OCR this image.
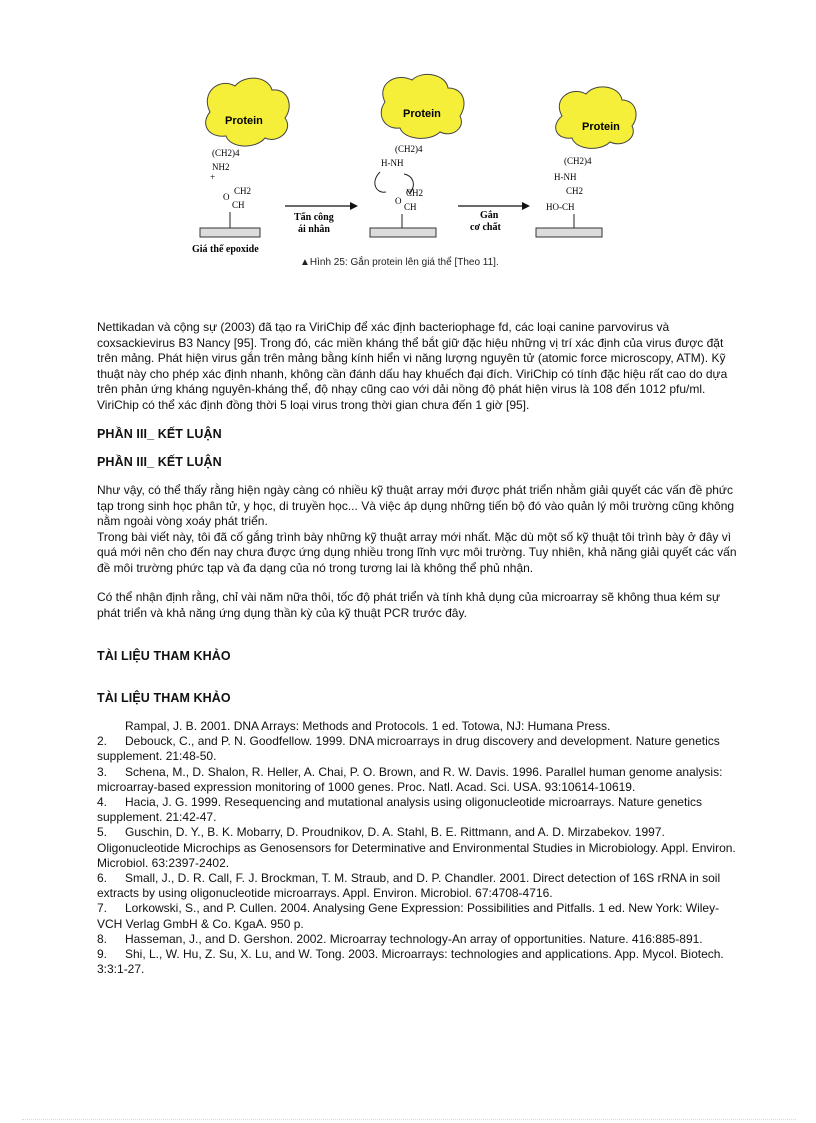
Protein
(CH2)4
NH2
+
O
CH2
CH
Giá thể epoxide
Tấn công
ái nhân
Protein
(CH2)4
H-NH
O
CH2
CH
Gắn
cơ chất
Protein
(CH2)4
H-NH
CH2
HO-CH
▲Hình 25: Gắn protein lên giá thể [Theo 11].

Nettikadan và cộng sự (2003) đã tạo ra ViriChip để xác định bacteriophage fd, các loại canine parvovirus và coxsackievirus B3 Nancy [95]. Trong đó, các miền kháng thể bắt giữ đặc hiệu những vị trí xác định của virus được đặt trên mảng. Phát hiện virus gắn trên mảng bằng kính hiển vi năng lượng nguyên tử (atomic force microscopy, ATM). Kỹ thuật này cho phép xác định nhanh, không cần đánh dấu hay khuếch đại đích. ViriChip có tính đặc hiệu rất cao do dựa trên phản ứng kháng nguyên-kháng thể, độ nhạy cũng cao với dải nồng độ phát hiện virus là 108 đến 1012 pfu/ml. ViriChip có thể xác định đồng thời 5 loại virus trong thời gian chưa đến 1 giờ [95].

PHẦN III_ KẾT LUẬN
PHẦN III_ KẾT LUẬN

Như vậy, có thể thấy rằng hiện ngày càng có nhiều kỹ thuật array mới được phát triển nhằm giải quyết các vấn đề phức tạp trong sinh học phân tử, y học, di truyền học... Và việc áp dụng những tiến bộ đó vào quản lý môi trường cũng không nằm ngoài vòng xoáy phát triển.

Trong bài viết này, tôi đã cố gắng trình bày những kỹ thuật array mới nhất. Mặc dù một số kỹ thuật tôi trình bày ở đây vì quá mới nên cho đến nay chưa được ứng dụng nhiều trong lĩnh vực môi trường. Tuy nhiên, khả năng giải quyết các vấn đề môi trường phức tạp và đa dạng của nó trong tương lai là không thể phủ nhận.

Có thể nhận định rằng, chỉ vài năm nữa thôi, tốc độ phát triển và tính khả dụng của microarray sẽ không thua kém sự phát triển và khả năng ứng dụng thần kỳ của kỹ thuật PCR trước đây.

TÀI LIỆU THAM KHẢO
TÀI LIỆU THAM KHẢO

Rampal, J. B. 2001. DNA Arrays: Methods and Protocols. 1 ed. Totowa, NJ: Humana Press.

2. Debouck, C., and P. N. Goodfellow. 1999. DNA microarrays in drug discovery and development. Nature genetics supplement. 21:48-50.

3. Schena, M., D. Shalon, R. Heller, A. Chai, P. O. Brown, and R. W. Davis. 1996. Parallel human genome analysis: microarray-based expression monitoring of 1000 genes. Proc. Natl. Acad. Sci. USA. 93:10614-10619.

4. Hacia, J. G. 1999. Resequencing and mutational analysis using oligonucleotide microarrays. Nature genetics supplement. 21:42-47.

5. Guschin, D. Y., B. K. Mobarry, D. Proudnikov, D. A. Stahl, B. E. Rittmann, and A. D. Mirzabekov. 1997. Oligonucleotide Microchips as Genosensors for Determinative and Environmental Studies in Microbiology. Appl. Environ. Microbiol. 63:2397-2402.

6. Small, J., D. R. Call, F. J. Brockman, T. M. Straub, and D. P. Chandler. 2001. Direct detection of 16S rRNA in soil extracts by using oligonucleotide microarrays. Appl. Environ. Microbiol. 67:4708-4716.

7. Lorkowski, S., and P. Cullen. 2004. Analysing Gene Expression: Possibilities and Pitfalls. 1 ed. New York: Wiley-VCH Verlag GmbH & Co. KgaA. 950 p.

8. Hasseman, J., and D. Gershon. 2002. Microarray technology-An array of opportunities. Nature. 416:885-891.

9. Shi, L., W. Hu, Z. Su, X. Lu, and W. Tong. 2003. Microarrays: technologies and applications. App. Mycol. Biotech. 3:3:1-27.
